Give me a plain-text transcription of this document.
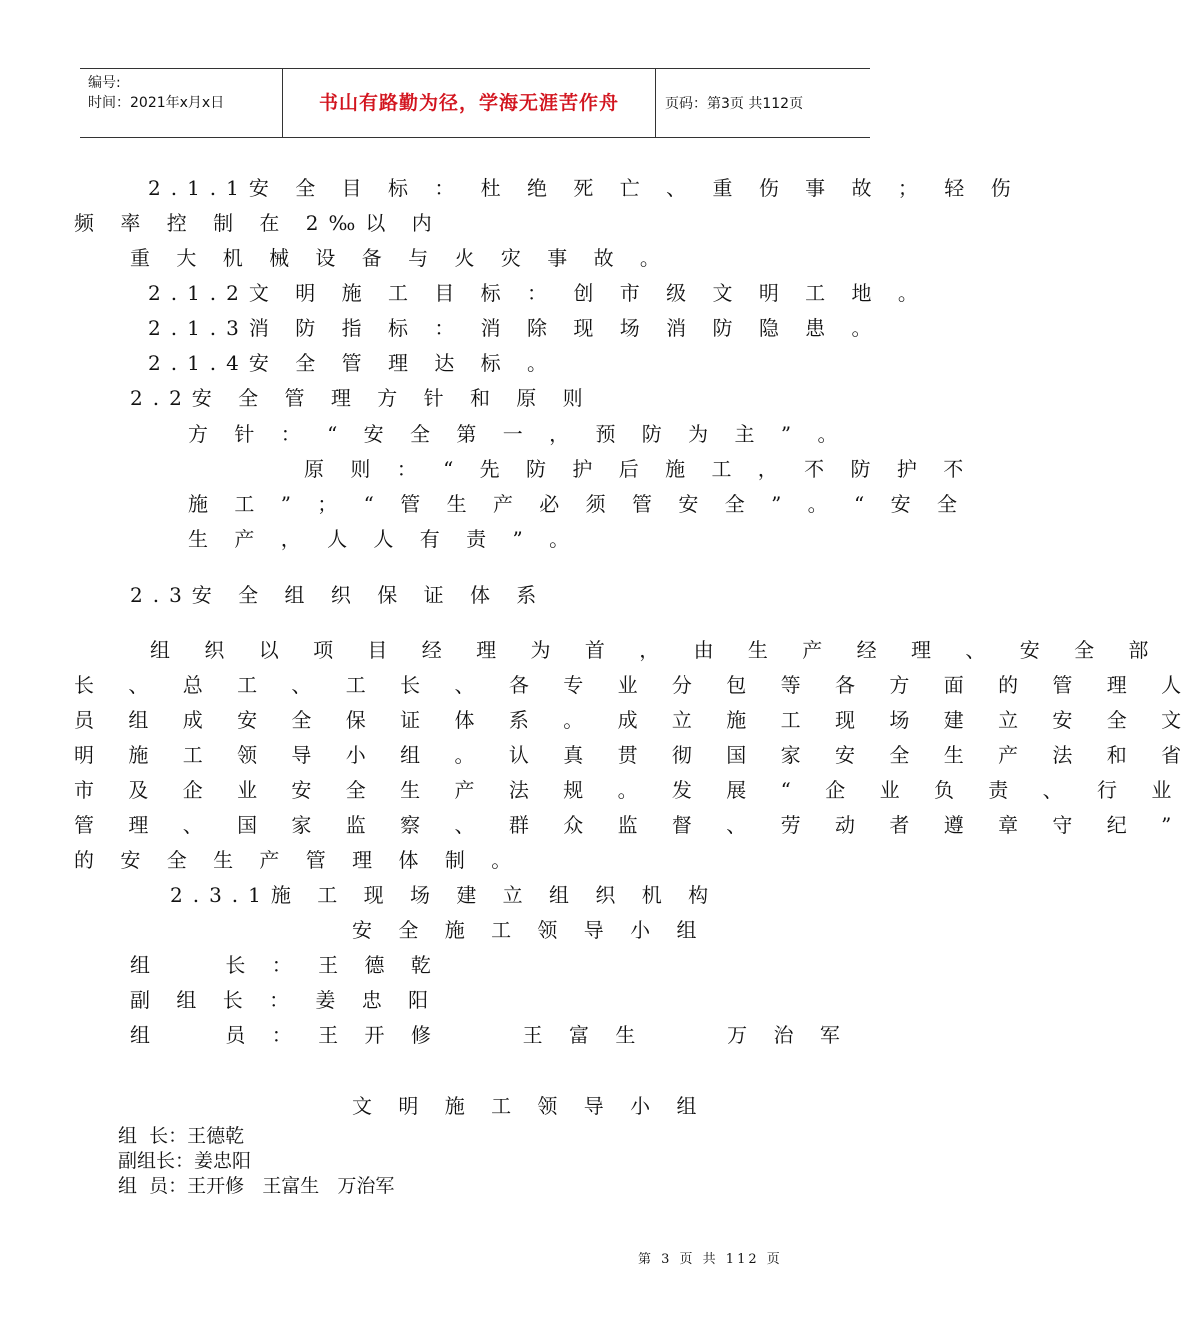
编号:
时间：2021年x月x日	书山有路勤为径，学海无涯苦作舟	页码：第3页 共112页
2.1.1安 全 目 标 ： 杜 绝 死 亡 、 重 伤 事 故 ； 轻 伤
频 率 控 制 在 2‰以 内
重 大 机 械 设 备 与 火 灾 事 故 。
2.1.2文 明 施 工 目 标 ： 创 市 级 文 明 工 地 。
2.1.3消 防 指 标 ： 消 除 现 场 消 防 隐 患 。
2.1.4安 全 管 理 达 标 。
2.2安 全 管 理 方 针 和 原 则
方 针 ： “ 安 全 第 一 ， 预 防 为 主 ” 。
原 则 ： “ 先 防 护 后 施 工 ， 不 防 护 不
施 工 ” ； “ 管 生 产 必 须 管 安 全 ” 。 “ 安 全
生 产 ， 人 人 有 责 ” 。
2.3安 全 组 织 保 证 体 系
组 织 以 项 目 经 理 为 首 ， 由 生 产 经 理 、 安 全 部
长 、 总 工 、 工 长 、 各 专 业 分 包 等 各 方 面 的 管 理 人
员 组 成 安 全 保 证 体 系 。 成 立 施 工 现 场 建 立 安 全 文
明 施 工 领 导 小 组 。 认 真 贯 彻 国 家 安 全 生 产 法 和 省
市 及 企 业 安 全 生 产 法 规 。 发 展 “ 企 业 负 责 、 行 业
管 理 、 国 家 监 察 、 群 众 监 督 、 劳 动 者 遵 章 守 纪 ”
的 安 全 生 产 管 理 体 制 。
2.3.1施 工 现 场 建 立 组 织 机 构
安 全 施 工 领 导 小 组
组    长 ： 王 德 乾
副 组 长 ： 姜 忠 阳
组    员 ： 王 开 修     王 富 生     万 治 军
文 明 施 工 领 导 小 组
组  长：王德乾
副组长：姜忠阳
组  员：王开修   王富生   万治军
第 3 页 共 112 页
